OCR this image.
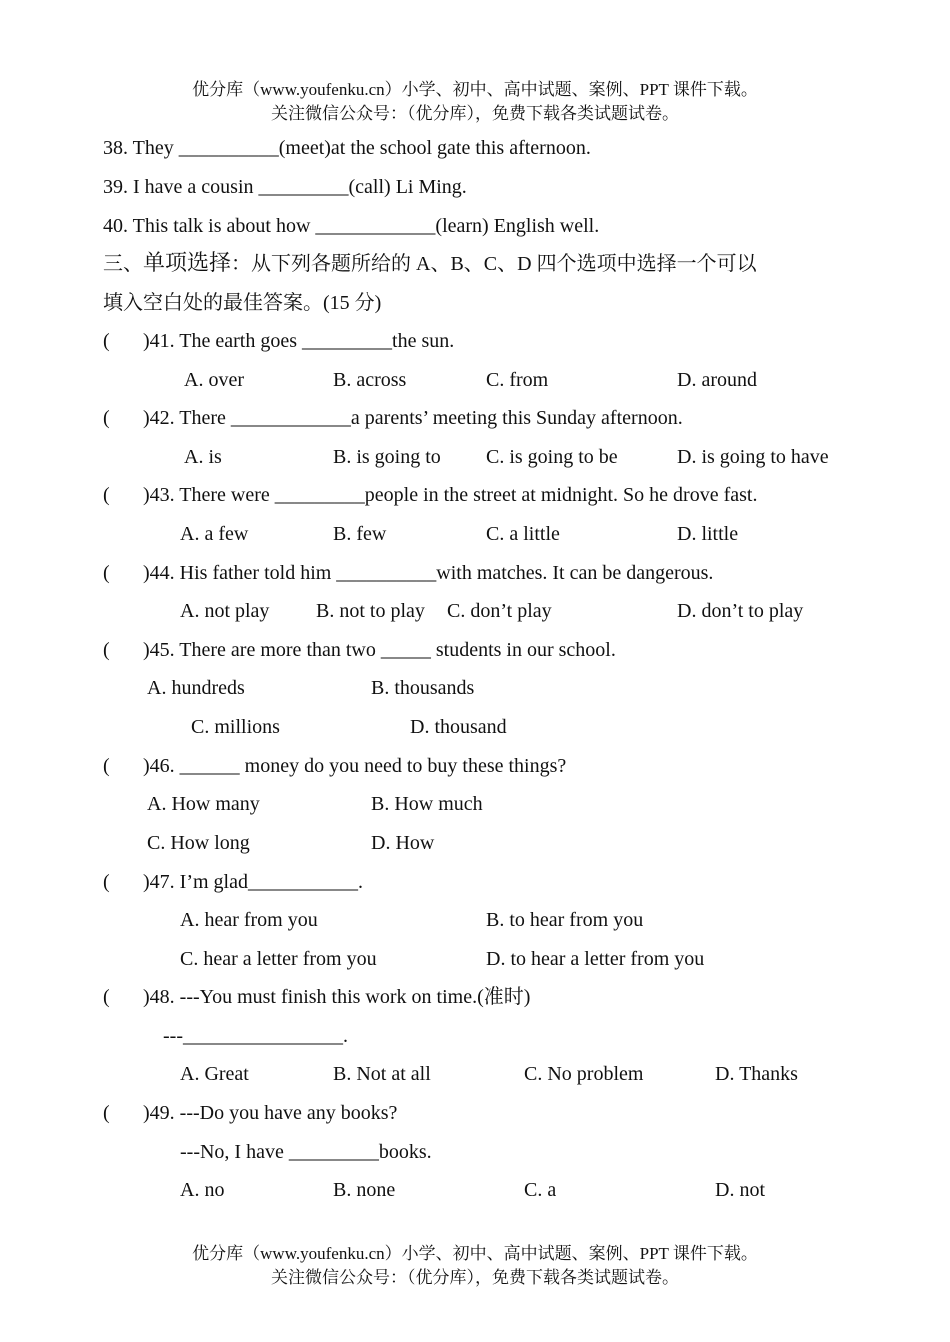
优分库（www.youfenku.cn）小学、初中、高中试题、案例、PPT 课件下载。
关注微信公众号：（优分库），免费下载各类试题试卷。
38. They __________(meet)at the school gate this afternoon.
39. I have a cousin _________(call) Li Ming.
40. This talk is about how ____________(learn) English well.
三、单项选择：从下列各题所给的 A、B、C、D 四个选项中选择一个可以
填入空白处的最佳答案。(15 分)
( )41. The earth goes _________the sun.
A. over	B. across	C. from	D. around
( )42. There ____________a parents’ meeting this Sunday afternoon.
A. is	B. is going to C. is going to be	D. is going to have
( )43. There were _________people in the street at midnight. So he drove fast.
A. a few	B. few	C. a little	D. little
( )44. His father told him __________with matches. It can be dangerous.
A. not play B. not to play C. don’t play	D. don’t to play
( )45. There are more than two _____ students in our school.
A. hundreds	B. thousands
C. millions	D. thousand
( )46. ______ money do you need to buy these things?
A. How many	B. How much
C. How long	D. How
( )47. I’m glad___________.
A. hear from you	B. to hear from you
C. hear a letter from you	D. to hear a letter from you
( )48. ---You must finish this work on time.(准时)
---________________.
A. Great	B. Not at all	C. No problem	D. Thanks
( )49. ---Do you have any books?
---No, I have _________books.
A. no	B. none	C. a	D. not
优分库（www.youfenku.cn）小学、初中、高中试题、案例、PPT 课件下载。
关注微信公众号：（优分库），免费下载各类试题试卷。
